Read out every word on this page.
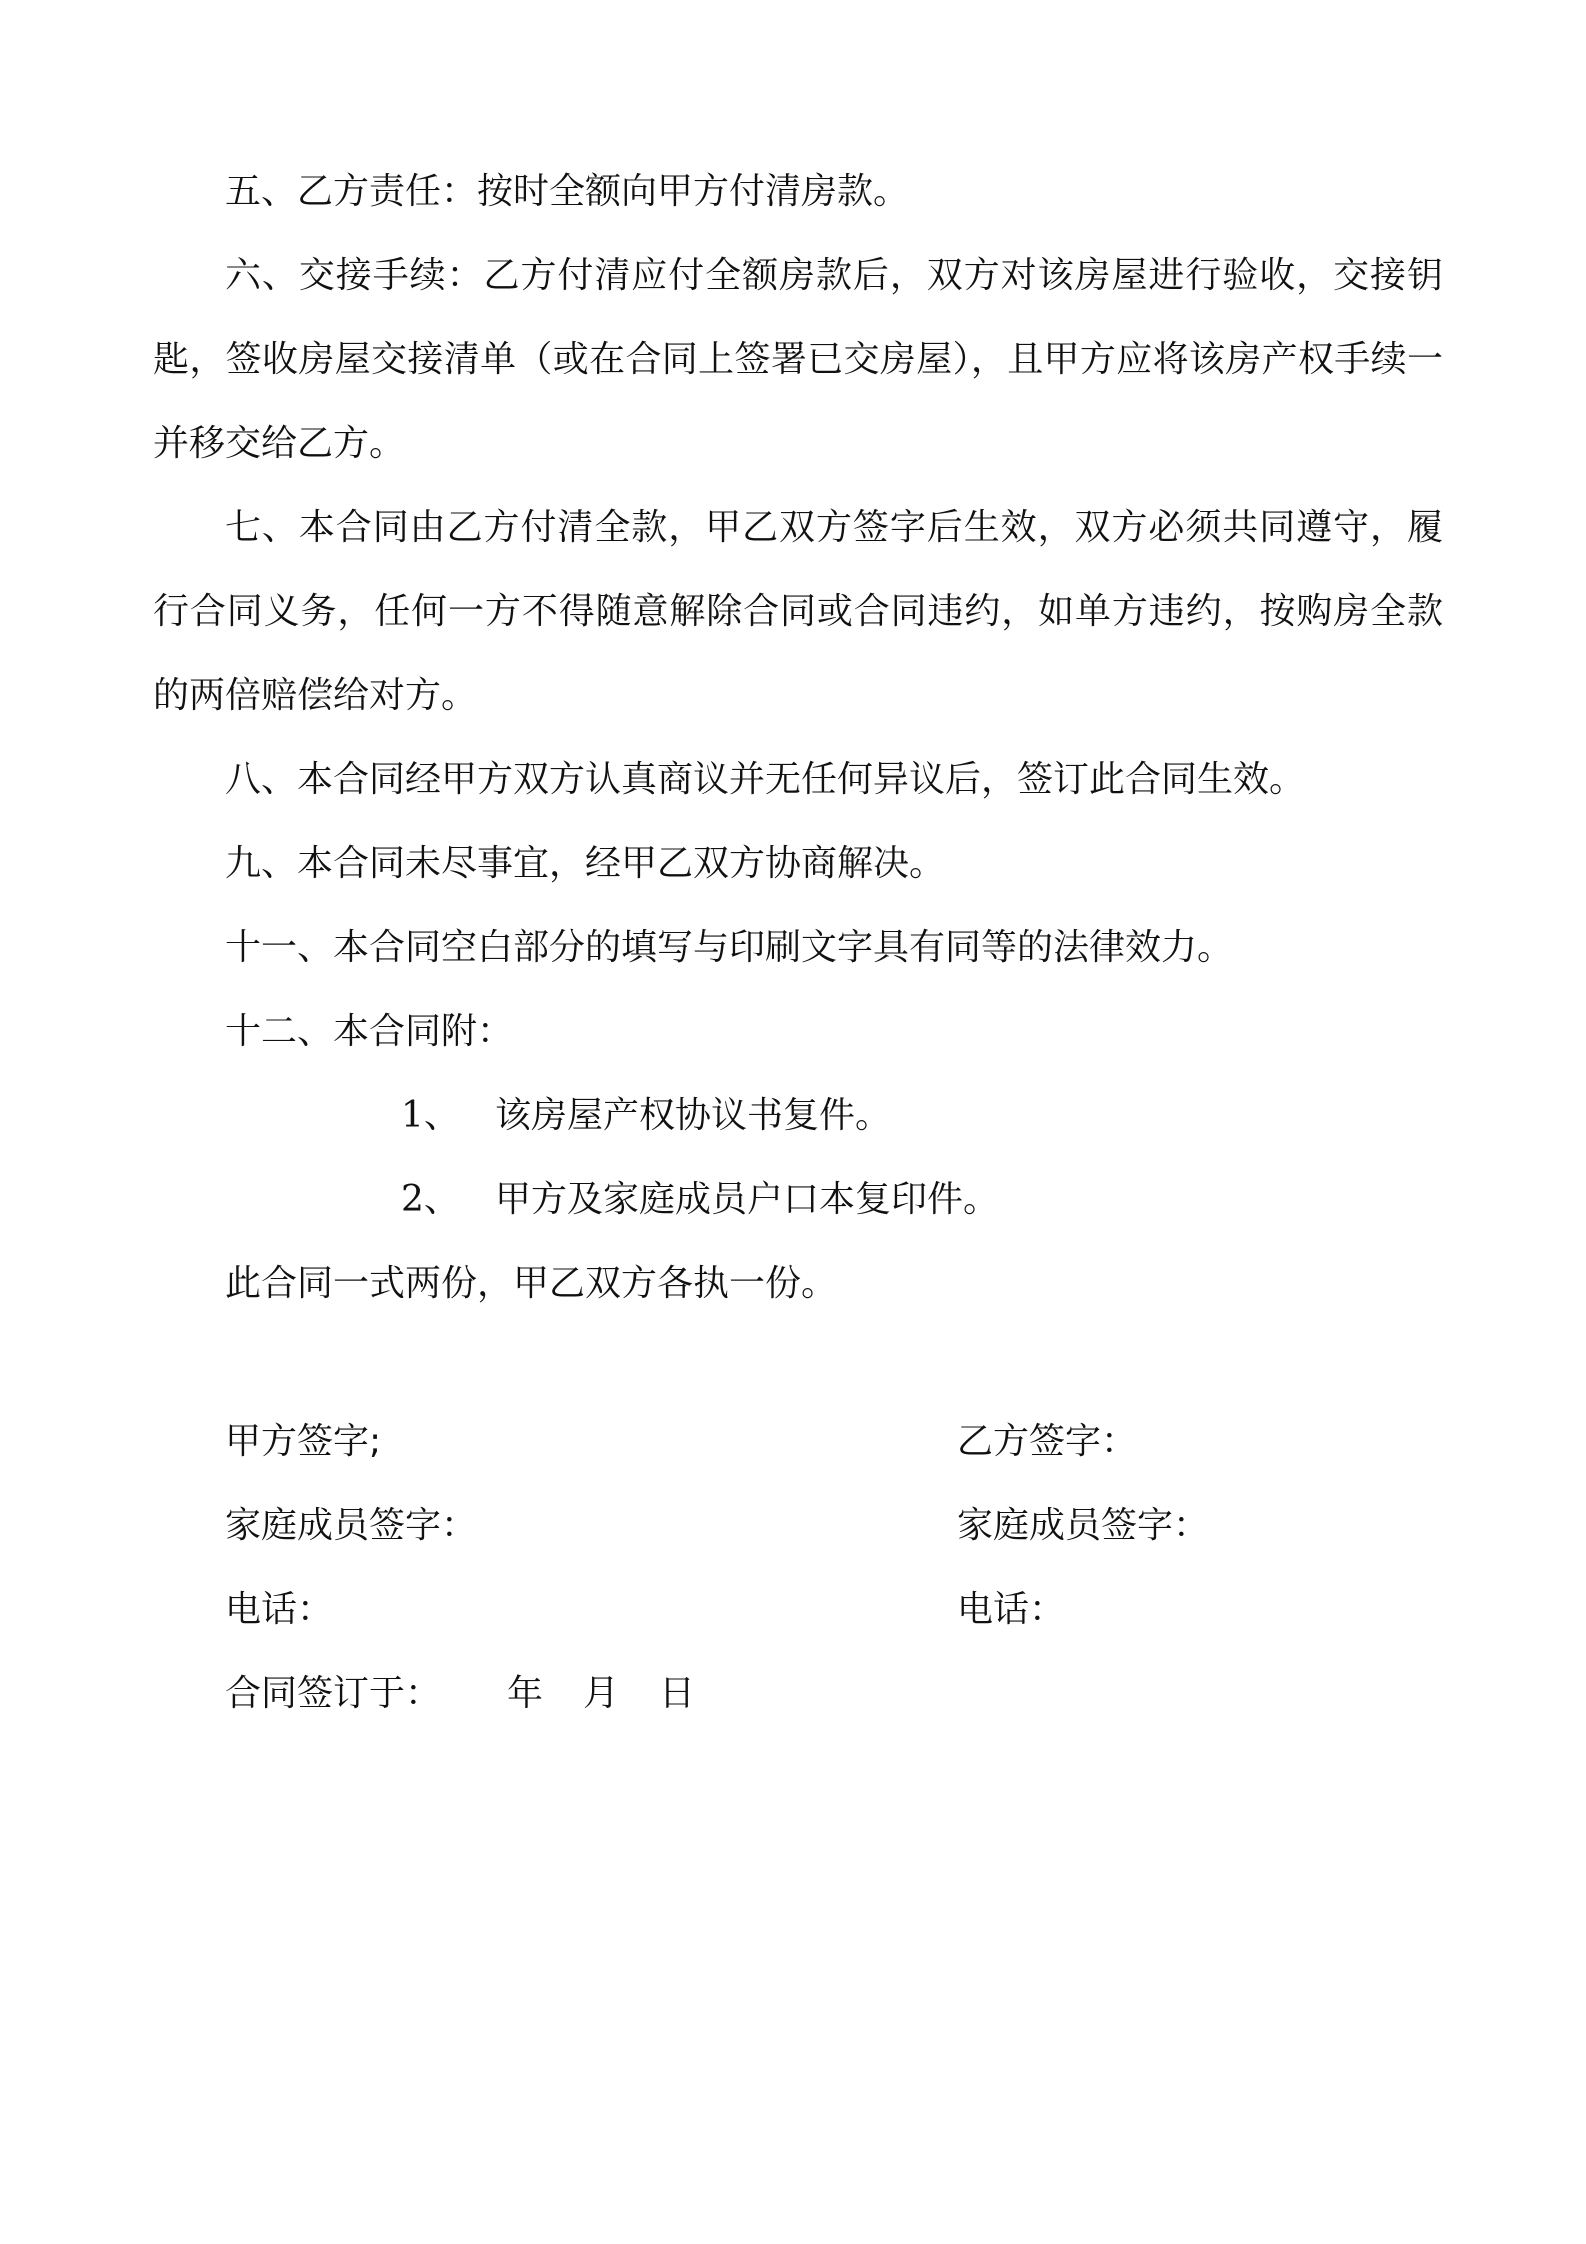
五、乙方责任：按时全额向甲方付清房款。

六、交接手续：乙方付清应付全额房款后，双方对该房屋进行验收，交接钥匙，签收房屋交接清单（或在合同上签署已交房屋），且甲方应将该房产权手续一并移交给乙方。

七、本合同由乙方付清全款，甲乙双方签字后生效，双方必须共同遵守，履行合同义务，任何一方不得随意解除合同或合同违约，如单方违约，按购房全款的两倍赔偿给对方。

八、本合同经甲方双方认真商议并无任何异议后，签订此合同生效。

九、本合同未尽事宜，经甲乙双方协商解决。

十一、本合同空白部分的填写与印刷文字具有同等的法律效力。

十二、本合同附：

1、 该房屋产权协议书复件。
2、 甲方及家庭成员户口本复印件。

此合同一式两份，甲乙双方各执一份。

甲方签字;	乙方签字：
家庭成员签字：	家庭成员签字：
电话：	电话：
合同签订于： 年 月 日
